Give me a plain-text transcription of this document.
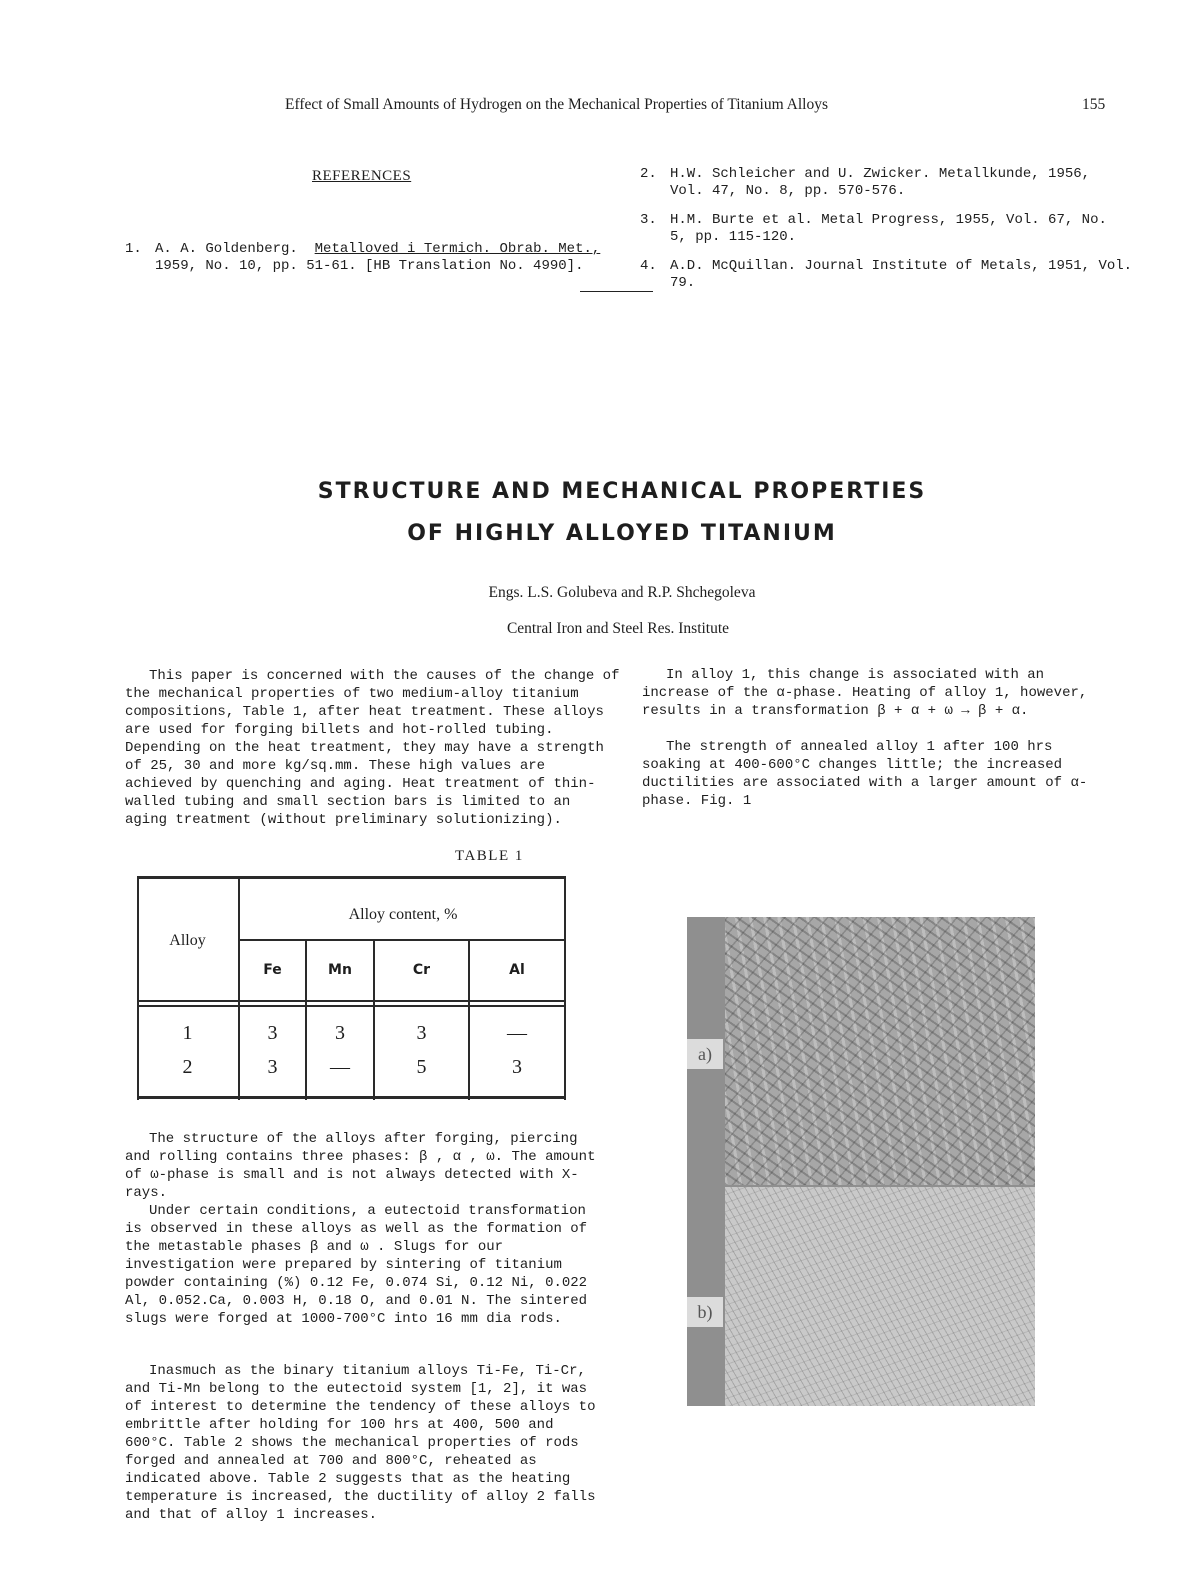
Effect of Small Amounts of Hydrogen on the Mechanical Properties of Titanium Alloys	155
REFERENCES
1. A. A. Goldenberg. Metalloved i Termich. Obrab. Met., 1959, No. 10, pp. 51-61. [HB Translation No. 4990].
2. H.W. Schleicher and U. Zwicker. Metallkunde, 1956, Vol. 47, No. 8, pp. 570-576.
3. H.M. Burte et al. Metal Progress, 1955, Vol. 67, No. 5, pp. 115-120.
4. A.D. McQuillan. Journal Institute of Metals, 1951, Vol. 79.
STRUCTURE AND MECHANICAL PROPERTIES
OF HIGHLY ALLOYED TITANIUM
Engs. L.S. Golubeva and R.P. Shchegoleva
Central Iron and Steel Res. Institute
This paper is concerned with the causes of the change of the mechanical properties of two medium-alloy titanium compositions, Table 1, after heat treatment. These alloys are used for forging billets and hot-rolled tubing. Depending on the heat treatment, they may have a strength of 25, 30 and more kg/sq.mm. These high values are achieved by quenching and aging. Heat treatment of thin-walled tubing and small section bars is limited to an aging treatment (without preliminary solutionizing).
In alloy 1, this change is associated with an increase of the α-phase. Heating of alloy 1, however, results in a transformation β + α + ω → β + α.
The strength of annealed alloy 1 after 100 hrs soaking at 400-600°C changes little; the increased ductilities are associated with a larger amount of α-phase. Fig. 1
TABLE 1
Alloy
Alloy content, %
Fe	Mn	Cr	Al
1	3	3	3	—
2	3	—	5	3
The structure of the alloys after forging, piercing and rolling contains three phases: β , α , ω. The amount of ω-phase is small and is not always detected with X-rays.
Under certain conditions, a eutectoid transformation is observed in these alloys as well as the formation of the metastable phases β and ω . Slugs for our investigation were prepared by sintering of titanium powder containing (%) 0.12 Fe, 0.074 Si, 0.12 Ni, 0.022 Al, 0.052.Ca, 0.003 H, 0.18 O, and 0.01 N. The sintered slugs were forged at 1000-700°C into 16 mm dia rods.
Inasmuch as the binary titanium alloys Ti-Fe, Ti-Cr, and Ti-Mn belong to the eutectoid system [1, 2], it was of interest to determine the tendency of these alloys to embrittle after holding for 100 hrs at 400, 500 and 600°C. Table 2 shows the mechanical properties of rods forged and annealed at 700 and 800°C, reheated as indicated above. Table 2 suggests that as the heating temperature is increased, the ductility of alloy 2 falls and that of alloy 1 increases.
a)
b)
